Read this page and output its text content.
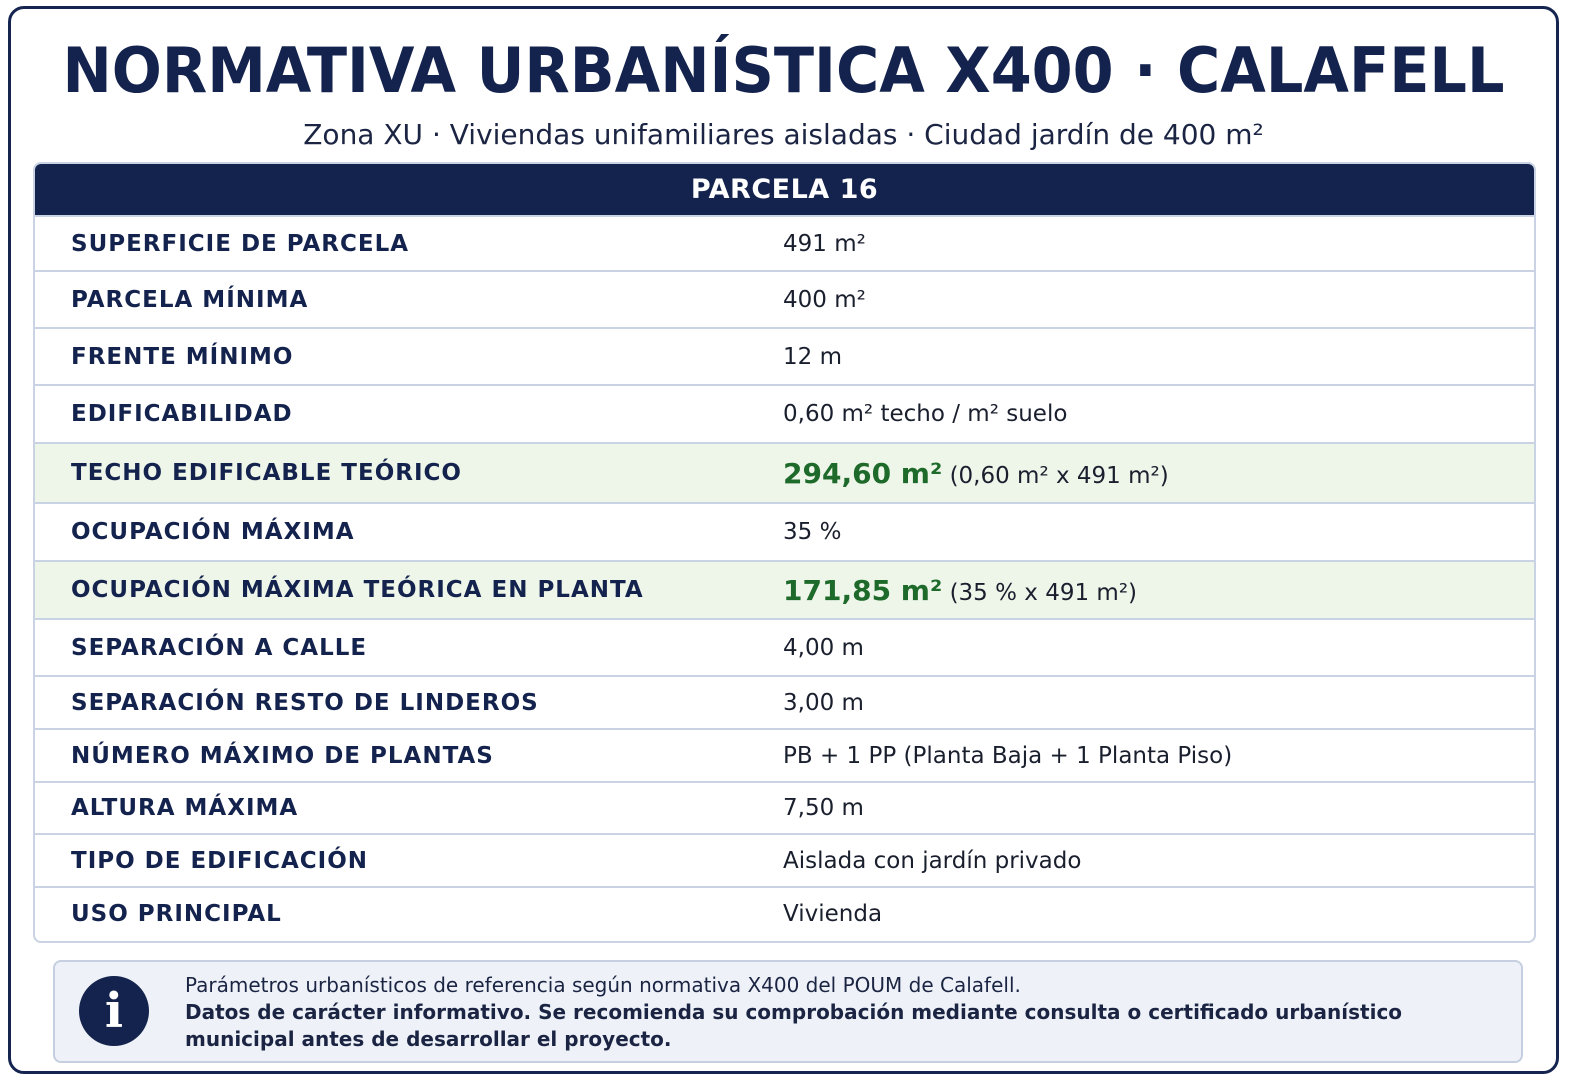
NORMATIVA URBANÍSTICA X400 · CALAFELL
Zona XU · Viviendas unifamiliares aisladas · Ciudad jardín de 400 m²
PARCELA 16
SUPERFICIE DE PARCELA	491 m²
PARCELA MÍNIMA	400 m²
FRENTE MÍNIMO	12 m
EDIFICABILIDAD	0,60 m² techo / m² suelo
TECHO EDIFICABLE TEÓRICO	294,60 m² (0,60 m² x 491 m²)
OCUPACIÓN MÁXIMA	35 %
OCUPACIÓN MÁXIMA TEÓRICA EN PLANTA	171,85 m² (35 % x 491 m²)
SEPARACIÓN A CALLE	4,00 m
SEPARACIÓN RESTO DE LINDEROS	3,00 m
NÚMERO MÁXIMO DE PLANTAS	PB + 1 PP (Planta Baja + 1 Planta Piso)
ALTURA MÁXIMA	7,50 m
TIPO DE EDIFICACIÓN	Aislada con jardín privado
USO PRINCIPAL	Vivienda
i	Parámetros urbanísticos de referencia según normativa X400 del POUM de Calafell.
Datos de carácter informativo. Se recomienda su comprobación mediante consulta o certificado urbanístico municipal antes de desarrollar el proyecto.
